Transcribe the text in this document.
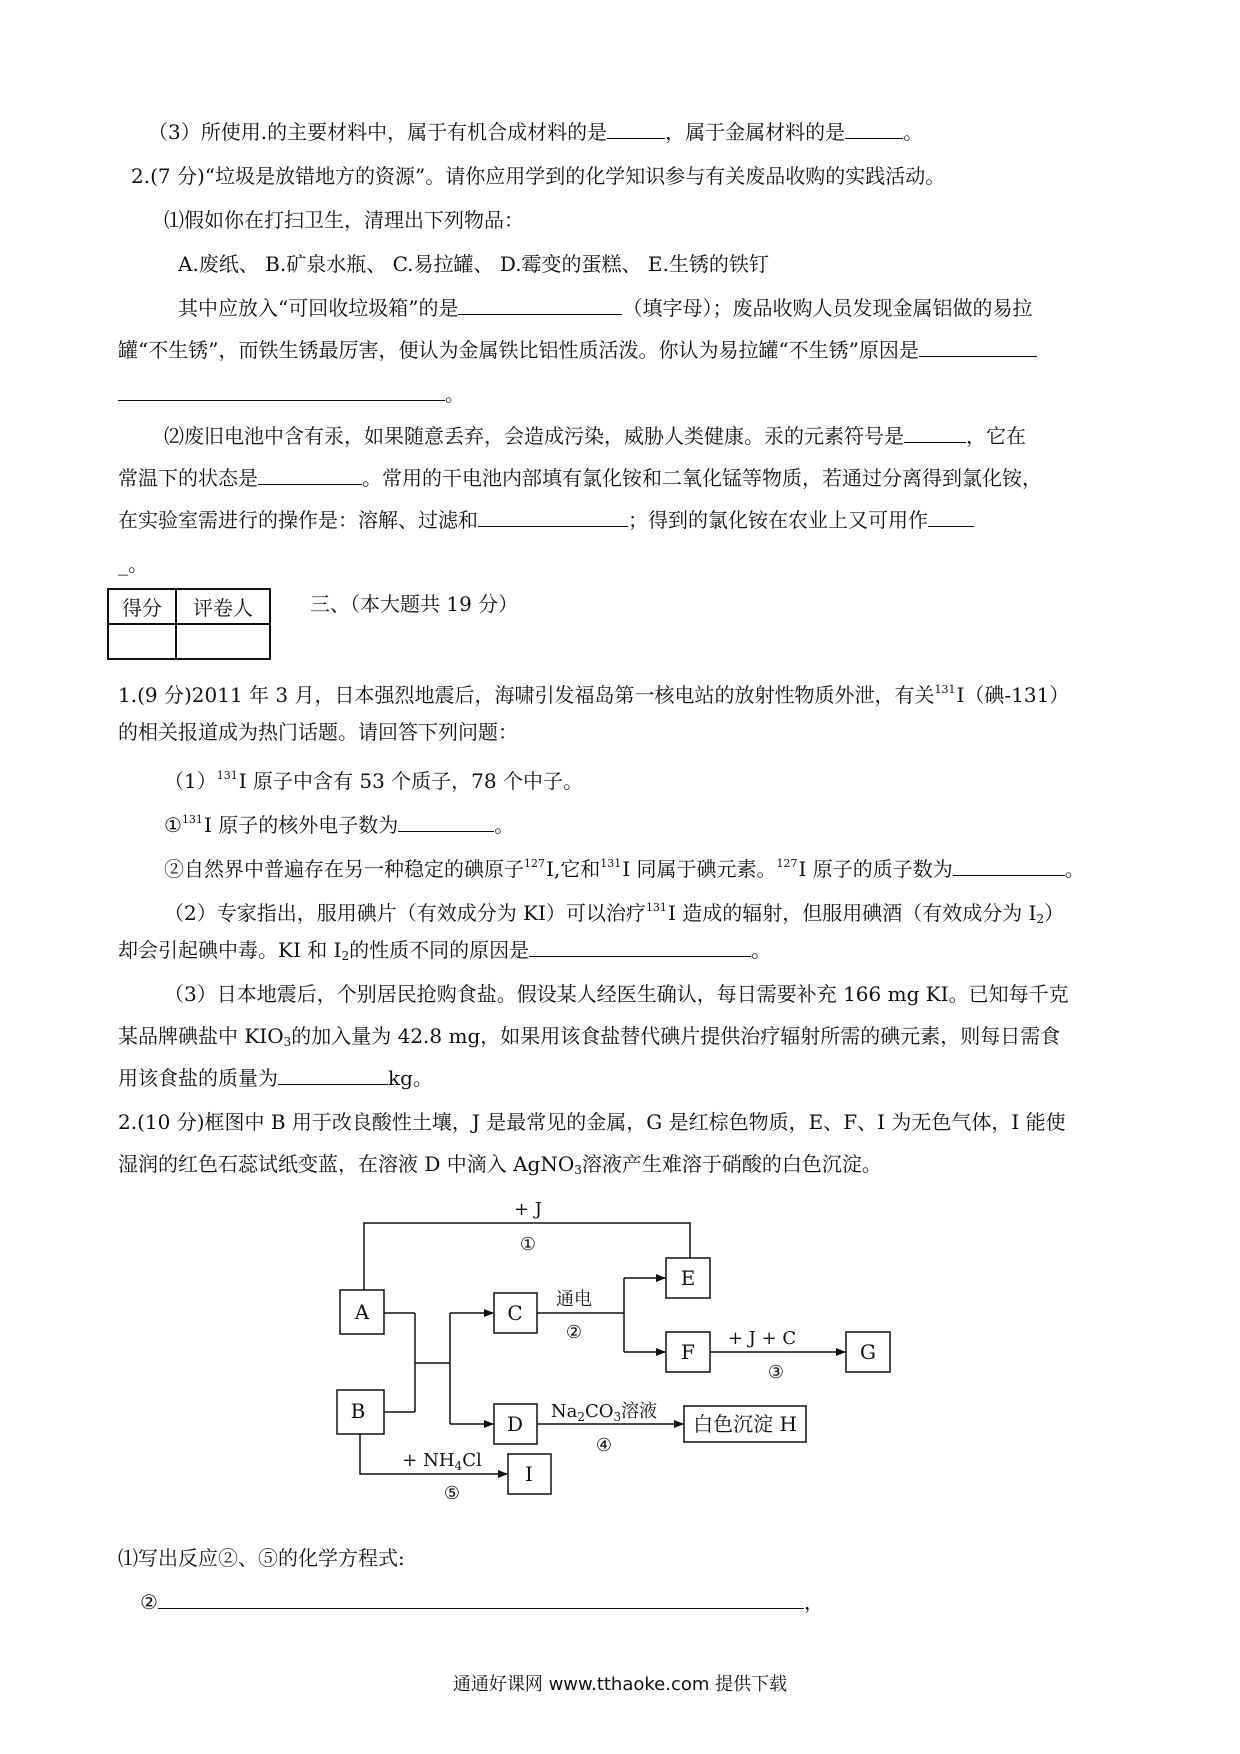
（3）所使用.的主要材料中，属于有机合成材料的是	，属于金属材料的是	。
2.(7 分)“垃圾是放错地方的资源”。请你应用学到的化学知识参与有关废品收购的实践活动。
⑴假如你在打扫卫生，清理出下列物品：
A.废纸、 B.矿泉水瓶、 C.易拉罐、 D.霉变的蛋糕、 E.生锈的铁钉
其中应放入“可回收垃圾箱”的是	（填字母）；废品收购人员发现金属铝做的易拉
罐“不生锈”，而铁生锈最厉害，便认为金属铁比铝性质活泼。你认为易拉罐“不生锈”原因是
。
⑵废旧电池中含有汞，如果随意丢弃，会造成污染，威胁人类健康。汞的元素符号是	，它在
常温下的状态是	。常用的干电池内部填有氯化铵和二氧化锰等物质，若通过分离得到氯化铵，
在实验室需进行的操作是：溶解、过滤和	；得到的氯化铵在农业上又可用作
_。
得分	评卷人
		三、（本大题共 19 分）
1.(9 分)2011 年 3 月，日本强烈地震后，海啸引发福岛第一核电站的放射性物质外泄，有关$^{131}$I（碘-131）
的相关报道成为热门话题。请回答下列问题：
$(1)^{131}I$ 原子中含有 53 个质子，78 个中子。
①$^{131}$I 原子的核外电子数为	。
②自然界中普遍存在另一种稳定的碘原子$^{127}$I,它和$^{131}$I 同属于碘元素。$^{127}$I 原子的质子数为	。
（2）专家指出，服用碘片（有效成分为 KI）可以治疗$^{131}$I 造成的辐射，但服用碘酒（有效成分为 $I_2$）
却会引起碘中毒。KI 和 $I_2$的性质不同的原因是	。
（3）日本地震后，个别居民抢购食盐。假设某人经医生确认，每日需要补充 166 mg KI。已知每千克
某品牌碘盐中 $KIO_3$的加入量为 42.8 mg，如果用该食盐替代碘片提供治疗辐射所需的碘元素，则每日需食
用该食盐的质量为	kg。
2.(10 分)框图中 B 用于改良酸性土壤，J 是最常见的金属，G 是红棕色物质，E、F、I 为无色气体，I 能使
湿润的红色石蕊试纸变蓝，在溶液 D 中滴入 AgNO$_3$溶液产生难溶于硝酸的白色沉淀。
A
B
C
D
E
F	G
白色沉淀 H
I
+ J
①
通电
②	+ J + C
③
$Na_2CO_3$溶液
④
+ $NH_4Cl$
⑤
⑴写出反应②、⑤的化学方程式:
②	，
通通好课网 www.tthaoke.com 提供下载
